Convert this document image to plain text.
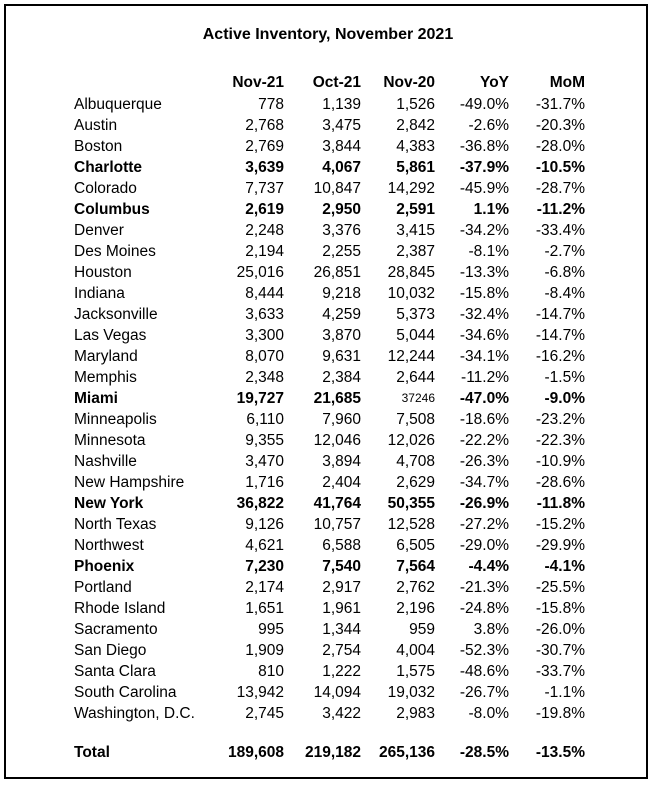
Active Inventory, November 2021
Nov-21 Oct-21 Nov-20	YoY	MoM
Albuquerque	778 1,139 1,526 -49.0% -31.7%
Austin	2,768 3,475 2,842 -2.6% -20.3%
Boston	2,769 3,844 4,383 -36.8% -28.0%
Charlotte	3,639 4,067 5,861 -37.9% -10.5%
Colorado	7,737 10,847 14,292 -45.9% -28.7%
Columbus	2,619 2,950 2,591 1.1% -11.2%
Denver	2,248 3,376 3,415 -34.2% -33.4%
Des Moines	2,194 2,255 2,387 -8.1% -2.7%
Houston	25,016 26,851 28,845 -13.3% -6.8%
Indiana	8,444 9,218 10,032 -15.8% -8.4%
Jacksonville	3,633 4,259 5,373 -32.4% -14.7%
Las Vegas	3,300 3,870 5,044 -34.6% -14.7%
Maryland	8,070 9,631 12,244 -34.1% -16.2%
Memphis	2,348 2,384 2,644 -11.2% -1.5%
Miami	19,727 21,685	37246 -47.0% -9.0%
Minneapolis	6,110 7,960 7,508 -18.6% -23.2%
Minnesota	9,355 12,046 12,026 -22.2% -22.3%
Nashville	3,470 3,894 4,708 -26.3% -10.9%
New Hampshire	1,716 2,404 2,629 -34.7% -28.6%
New York	36,822 41,764 50,355 -26.9% -11.8%
North Texas	9,126 10,757 12,528 -27.2% -15.2%
Northwest	4,621 6,588 6,505 -29.0% -29.9%
Phoenix	7,230 7,540 7,564 -4.4% -4.1%
Portland	2,174 2,917 2,762 -21.3% -25.5%
Rhode Island	1,651 1,961 2,196 -24.8% -15.8%
Sacramento	995 1,344	959 3.8% -26.0%
San Diego	1,909 2,754 4,004 -52.3% -30.7%
Santa Clara	810 1,222 1,575 -48.6% -33.7%
South Carolina	13,942 14,094 19,032 -26.7% -1.1%
Washington, D.C.	2,745 3,422 2,983 -8.0% -19.8%
Total	189,608 219,182 265,136 -28.5% -13.5%
